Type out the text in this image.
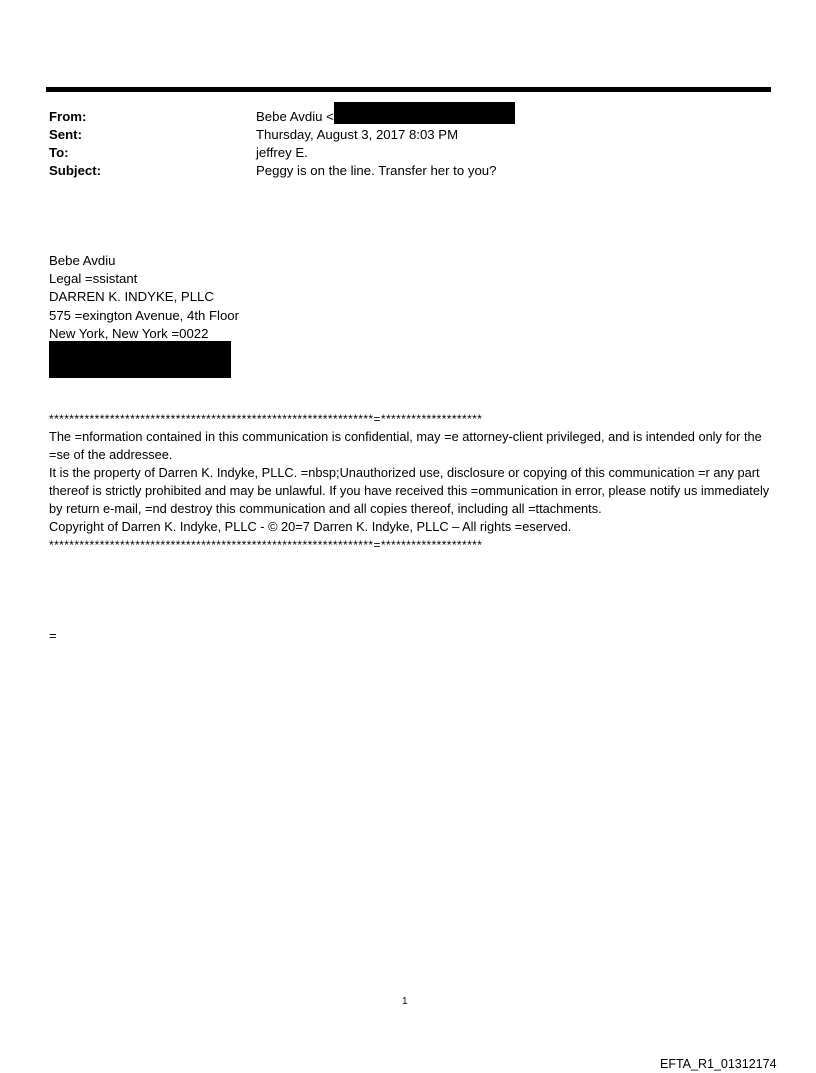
From:	Bebe Avdiu <
Sent:	Thursday, August 3, 2017 8:03 PM
To:	jeffrey E.
Subject:	Peggy is on the line. Transfer her to you?
Bebe Avdiu
Legal =ssistant
DARREN K. INDYKE, PLLC
575 =exington Avenue, 4th Floor
New York, New York =0022

****************************************************************=********************

The =nformation contained in this communication is confidential, may =e attorney-client privileged, and is intended only for the =se of the addressee.

It is the property of Darren K. Indyke, PLLC. =nbsp;Unauthorized use, disclosure or copying of this communication =r any part thereof is strictly prohibited and may be unlawful. If you have received this =ommunication in error, please notify us immediately by return e-mail, =nd destroy this communication and all copies thereof, including all =ttachments.

Copyright of Darren K. Indyke, PLLC - © 20=7 Darren K. Indyke, PLLC – All rights =eserved.

****************************************************************=********************

=
1
EFTA_R1_01312174
